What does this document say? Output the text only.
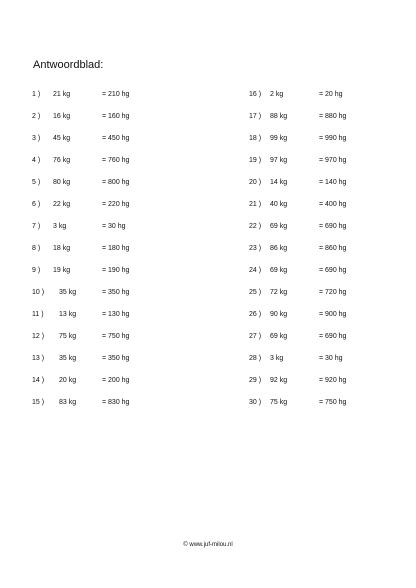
Antwoordblad:
1 ) 21 kg	= 210 hg
2 ) 16 kg	= 160 hg
3 ) 45 kg	= 450 hg
4 ) 76 kg	= 760 hg
5 ) 80 kg	= 800 hg
6 ) 22 kg	= 220 hg
7 ) 3 kg	= 30 hg
8 ) 18 kg	= 180 hg
9 ) 19 kg	= 190 hg
10 ) 35 kg	= 350 hg
11 ) 13 kg	= 130 hg
12 ) 75 kg	= 750 hg
13 ) 35 kg	= 350 hg
14 ) 20 kg	= 200 hg
15 ) 83 kg	= 830 hg
16 ) 2 kg	= 20 hg
17 ) 88 kg	= 880 hg
18 ) 99 kg	= 990 hg
19 ) 97 kg	= 970 hg
20 ) 14 kg	= 140 hg
21 ) 40 kg	= 400 hg
22 ) 69 kg	= 690 hg
23 ) 86 kg	= 860 hg
24 ) 69 kg	= 690 hg
25 ) 72 kg	= 720 hg
26 ) 90 kg	= 900 hg
27 ) 69 kg	= 690 hg
28 ) 3 kg	= 30 hg
29 ) 92 kg	= 920 hg
30 ) 75 kg	= 750 hg
© www.juf-milou.nl
